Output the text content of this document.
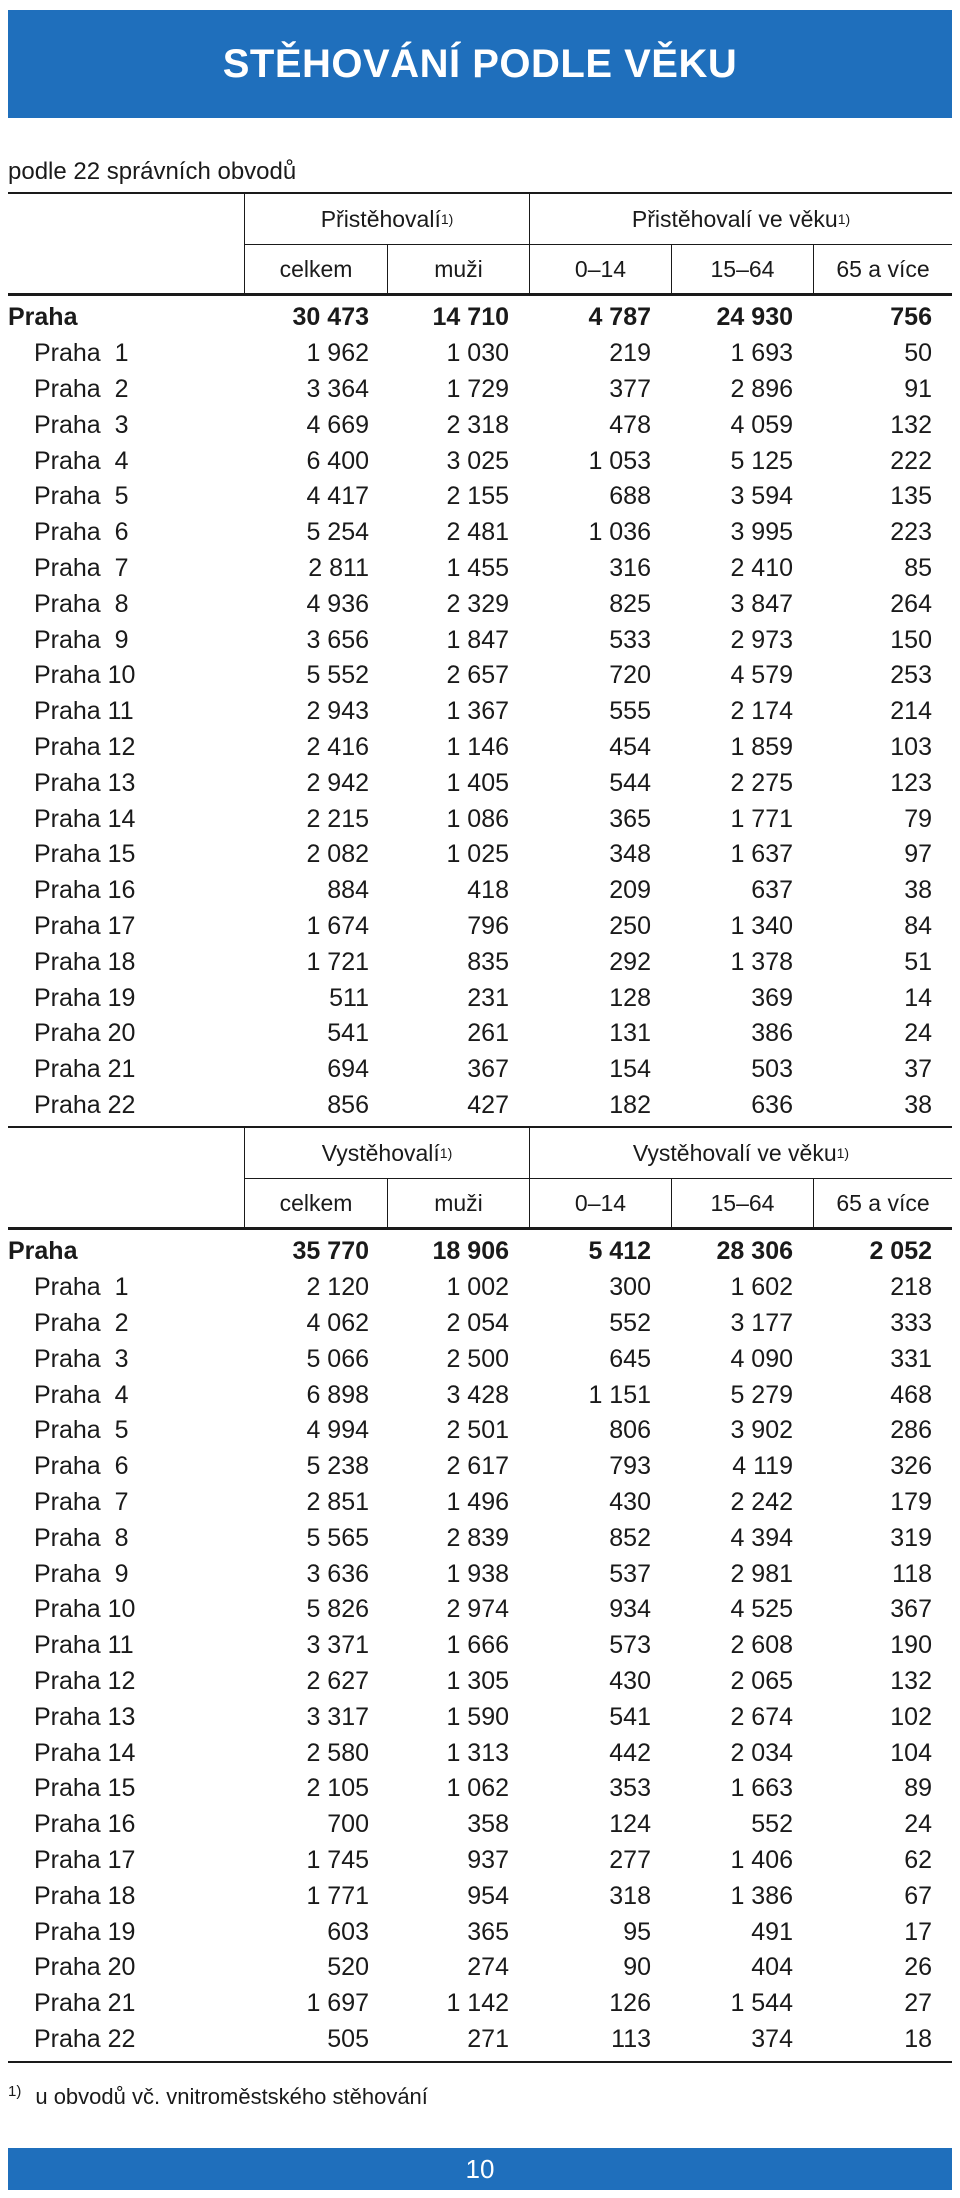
STĚHOVÁNÍ PODLE VĚKU
podle 22 správních obvodů
Přistěhovalí 1)	Přistěhovalí ve věku 1)
celkem	muži	0–14	15–64	65 a více
Praha	30 473	14 710	4 787	24 930	756
Praha  1	1 962	1 030	219	1 693	50
Praha  2	3 364	1 729	377	2 896	91
Praha  3	4 669	2 318	478	4 059	132
Praha  4	6 400	3 025	1 053	5 125	222
Praha  5	4 417	2 155	688	3 594	135
Praha  6	5 254	2 481	1 036	3 995	223
Praha  7	2 811	1 455	316	2 410	85
Praha  8	4 936	2 329	825	3 847	264
Praha  9	3 656	1 847	533	2 973	150
Praha 10	5 552	2 657	720	4 579	253
Praha 11	2 943	1 367	555	2 174	214
Praha 12	2 416	1 146	454	1 859	103
Praha 13	2 942	1 405	544	2 275	123
Praha 14	2 215	1 086	365	1 771	79
Praha 15	2 082	1 025	348	1 637	97
Praha 16	884	418	209	637	38
Praha 17	1 674	796	250	1 340	84
Praha 18	1 721	835	292	1 378	51
Praha 19	511	231	128	369	14
Praha 20	541	261	131	386	24
Praha 21	694	367	154	503	37
Praha 22	856	427	182	636	38
Vystěhovalí 1)	Vystěhovalí ve věku 1)
celkem	muži	0–14	15–64	65 a více
Praha	35 770	18 906	5 412	28 306	2 052
Praha  1	2 120	1 002	300	1 602	218
Praha  2	4 062	2 054	552	3 177	333
Praha  3	5 066	2 500	645	4 090	331
Praha  4	6 898	3 428	1 151	5 279	468
Praha  5	4 994	2 501	806	3 902	286
Praha  6	5 238	2 617	793	4 119	326
Praha  7	2 851	1 496	430	2 242	179
Praha  8	5 565	2 839	852	4 394	319
Praha  9	3 636	1 938	537	2 981	118
Praha 10	5 826	2 974	934	4 525	367
Praha 11	3 371	1 666	573	2 608	190
Praha 12	2 627	1 305	430	2 065	132
Praha 13	3 317	1 590	541	2 674	102
Praha 14	2 580	1 313	442	2 034	104
Praha 15	2 105	1 062	353	1 663	89
Praha 16	700	358	124	552	24
Praha 17	1 745	937	277	1 406	62
Praha 18	1 771	954	318	1 386	67
Praha 19	603	365	95	491	17
Praha 20	520	274	90	404	26
Praha 21	1 697	1 142	126	1 544	27
Praha 22	505	271	113	374	18
$^{1)}$ u obvodů vč. vnitroměstského stěhování
10
